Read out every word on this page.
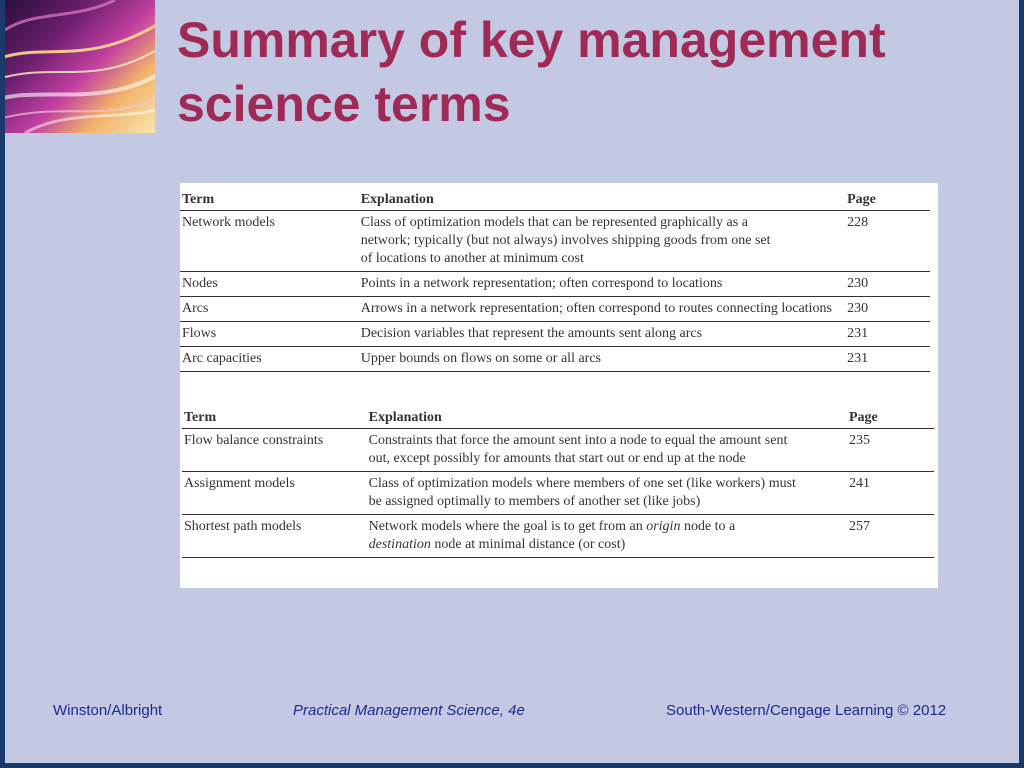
Summary of key management science terms
Term	Explanation	Page
Network models	Class of optimization models that can be represented graphically as a network; typically (but not always) involves shipping goods from one set of locations to another at minimum cost	228
Nodes	Points in a network representation; often correspond to locations	230
Arcs	Arrows in a network representation; often correspond to routes connecting locations	230
Flows	Decision variables that represent the amounts sent along arcs	231
Arc capacities	Upper bounds on flows on some or all arcs	231
Term	Explanation	Page
Flow balance constraints	Constraints that force the amount sent into a node to equal the amount sent out, except possibly for amounts that start out or end up at the node	235
Assignment models	Class of optimization models where members of one set (like workers) must be assigned optimally to members of another set (like jobs)	241
Shortest path models	Network models where the goal is to get from an origin node to a destination node at minimal distance (or cost)	257
Winston/Albright	Practical Management Science, 4e	South-Western/Cengage Learning © 2012
